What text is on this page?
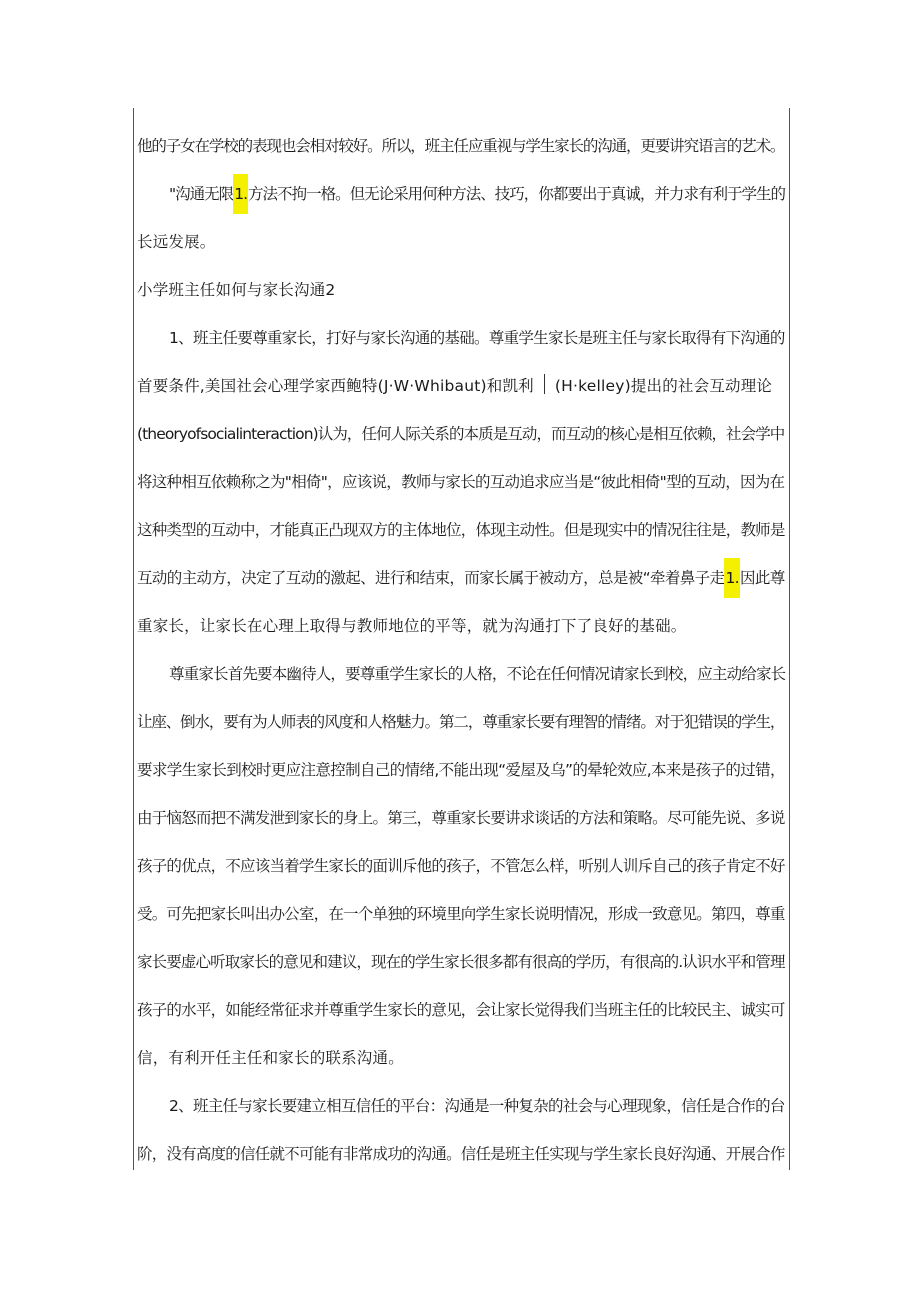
他的子女在学校的表现也会相对较好。所以，班主任应重视与学生家长的沟通，更要讲究语言的艺术。
"沟通无限1.方法不拘一格。但无论采用何种方法、技巧，你都要出于真诚，并力求有利于学生的
长远发展。
小学班主任如何与家长沟通2
1、班主任要尊重家长，打好与家长沟通的基础。尊重学生家长是班主任与家长取得有下沟通的
首要条件,美国社会心理学家西鲍特(J·W·Whibaut)和凯利 (H·kelley)提出的社会互动理论
(theoryofsocialinteraction)认为，任何人际关系的本质是互动，而互动的核心是相互依赖，社会学中
将这种相互依赖称之为"相倚"，应该说，教师与家长的互动追求应当是“彼此相倚"型的互动，因为在
这种类型的互动中，才能真正凸现双方的主体地位，体现主动性。但是现实中的情况往往是，教师是
互动的主动方，决定了互动的激起、进行和结束，而家长属于被动方，总是被“牵着鼻子走1.因此尊
重家长，让家长在心理上取得与教师地位的平等，就为沟通打下了良好的基础。
尊重家长首先要本幽待人，要尊重学生家长的人格，不论在任何情况请家长到校，应主动给家长
让座、倒水，要有为人师表的风度和人格魅力。第二，尊重家长要有理智的情绪。对于犯错误的学生，
要求学生家长到校时更应注意控制自己的情绪,不能出现“爱屋及乌”的晕轮效应,本来是孩子的过错，
由于恼怒而把不满发泄到家长的身上。第三，尊重家长要讲求谈话的方法和策略。尽可能先说、多说
孩子的优点，不应该当着学生家长的面训斥他的孩子，不管怎么样，听别人训斥自己的孩子肯定不好
受。可先把家长叫出办公室，在一个单独的环境里向学生家长说明情况，形成一致意见。第四，尊重
家长要虚心听取家长的意见和建议，现在的学生家长很多都有很高的学历，有很高的.认识水平和管理
孩子的水平，如能经常征求并尊重学生家长的意见，会让家长觉得我们当班主任的比较民主、诚实可
信，有利开任主任和家长的联系沟通。
2、班主任与家长要建立相互信任的平台：沟通是一种复杂的社会与心理现象，信任是合作的台
阶，没有高度的信任就不可能有非常成功的沟通。信任是班主任实现与学生家长良好沟通、开展合作
